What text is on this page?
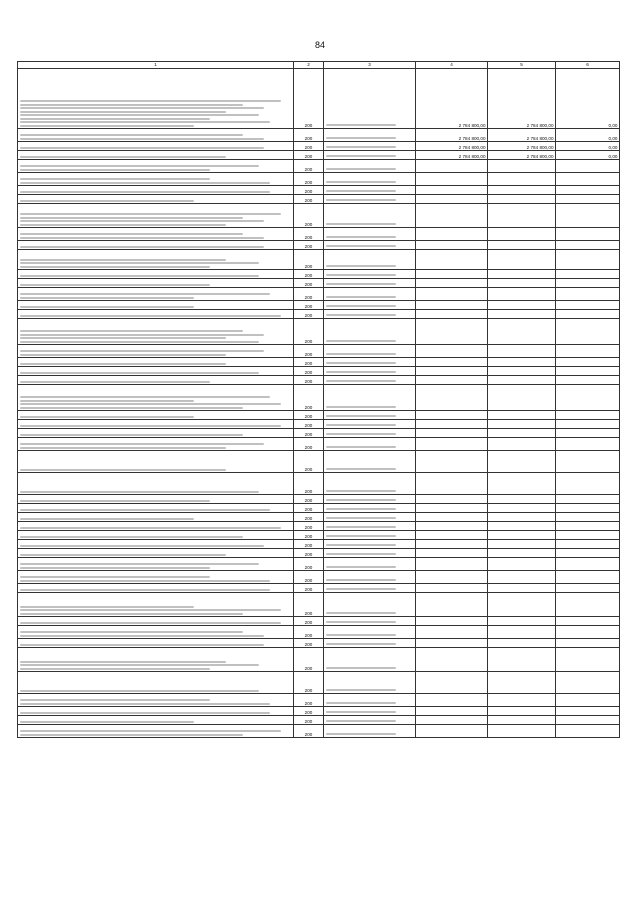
84
1	2	3	4	5	6

	200		2 784 800,00	2 784 800,00	0,00

	200		2 784 800,00	2 784 800,00	0,00

	200		2 784 800,00	2 784 800,00	0,00

	200		2 784 800,00	2 784 800,00	0,00

	200				

	200				

	200				

	200				

	200				

	200				

	200				

	200				

	200				

	200				

	200				

	200				

	200				

	200				

	200				

	200				

	200				

	200				

	200				

	200				

	200				

	200				

	200				

	200				

	200				

	200				

	200				

	200				

	200				

	200				

	200				

	200				

	200				

	200				

	200				

	200				

	200				

	200				

	200				

	200				

	200				

	200				

	200				

	200				

	200				
